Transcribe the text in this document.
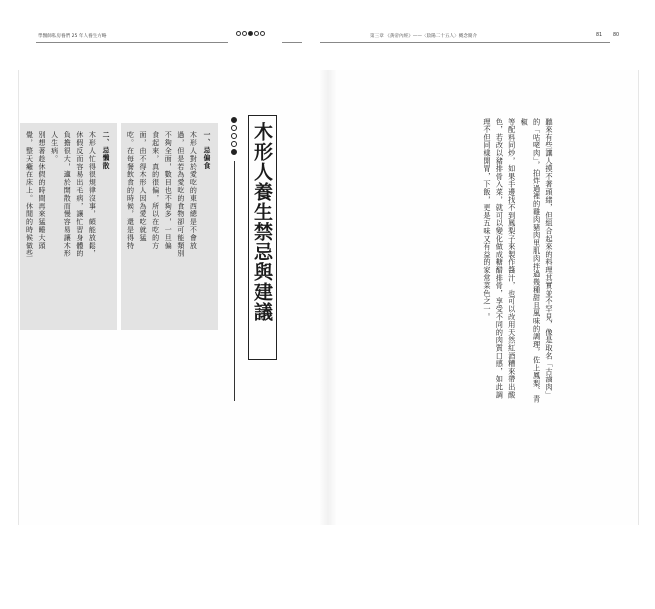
學醫師私房養們 25 年人養生方略	第三章 《黃帝內經》——〈陰陽二十五人〉概念簡介	81 80
木形人養生禁忌與建議
一、忌偏食
木形人對於愛吃的東西總是不會放
過，但是若為愛吃的食物卻可能類別
不夠全面，數目也不夠多，一旦偏
食起來，真的很偏，所以在吃的方
面，由不得木形人因為愛吃就猛
吃。在每餐飲食的時候，還是得特
二、忌懶散
木形人忙得很規律沒事，頗能放鬆，
休假反而容易出毛病，讓忙習身體的
負擔很大，適於開散而慢容易讓木形
人生病。
別想著趁休假的時間再來猛睡大頭
覺，整天癱在床上。休閒的時候做些	聽來有些讓人摸不著頭緒，但組合起來的料理其實並不罕見，像是取名「古滷肉」
的「咕咾肉」，拍炸過裡的雞肉豬肉里肌肉拌過幾種甜且風味的調理，佐上鳳梨、青椒
等配料同炒，如果手邊找不到鳳梨子來製作醬汁，也可以改用天然紅酒糟來帶出酸
色，若改以豬排骨入菜，就可以變化做成糖醋排骨，享受不同的肉質口感，如此調
理不但同樣開胃，下飯，更是五味又有益的家常菜色之一。
